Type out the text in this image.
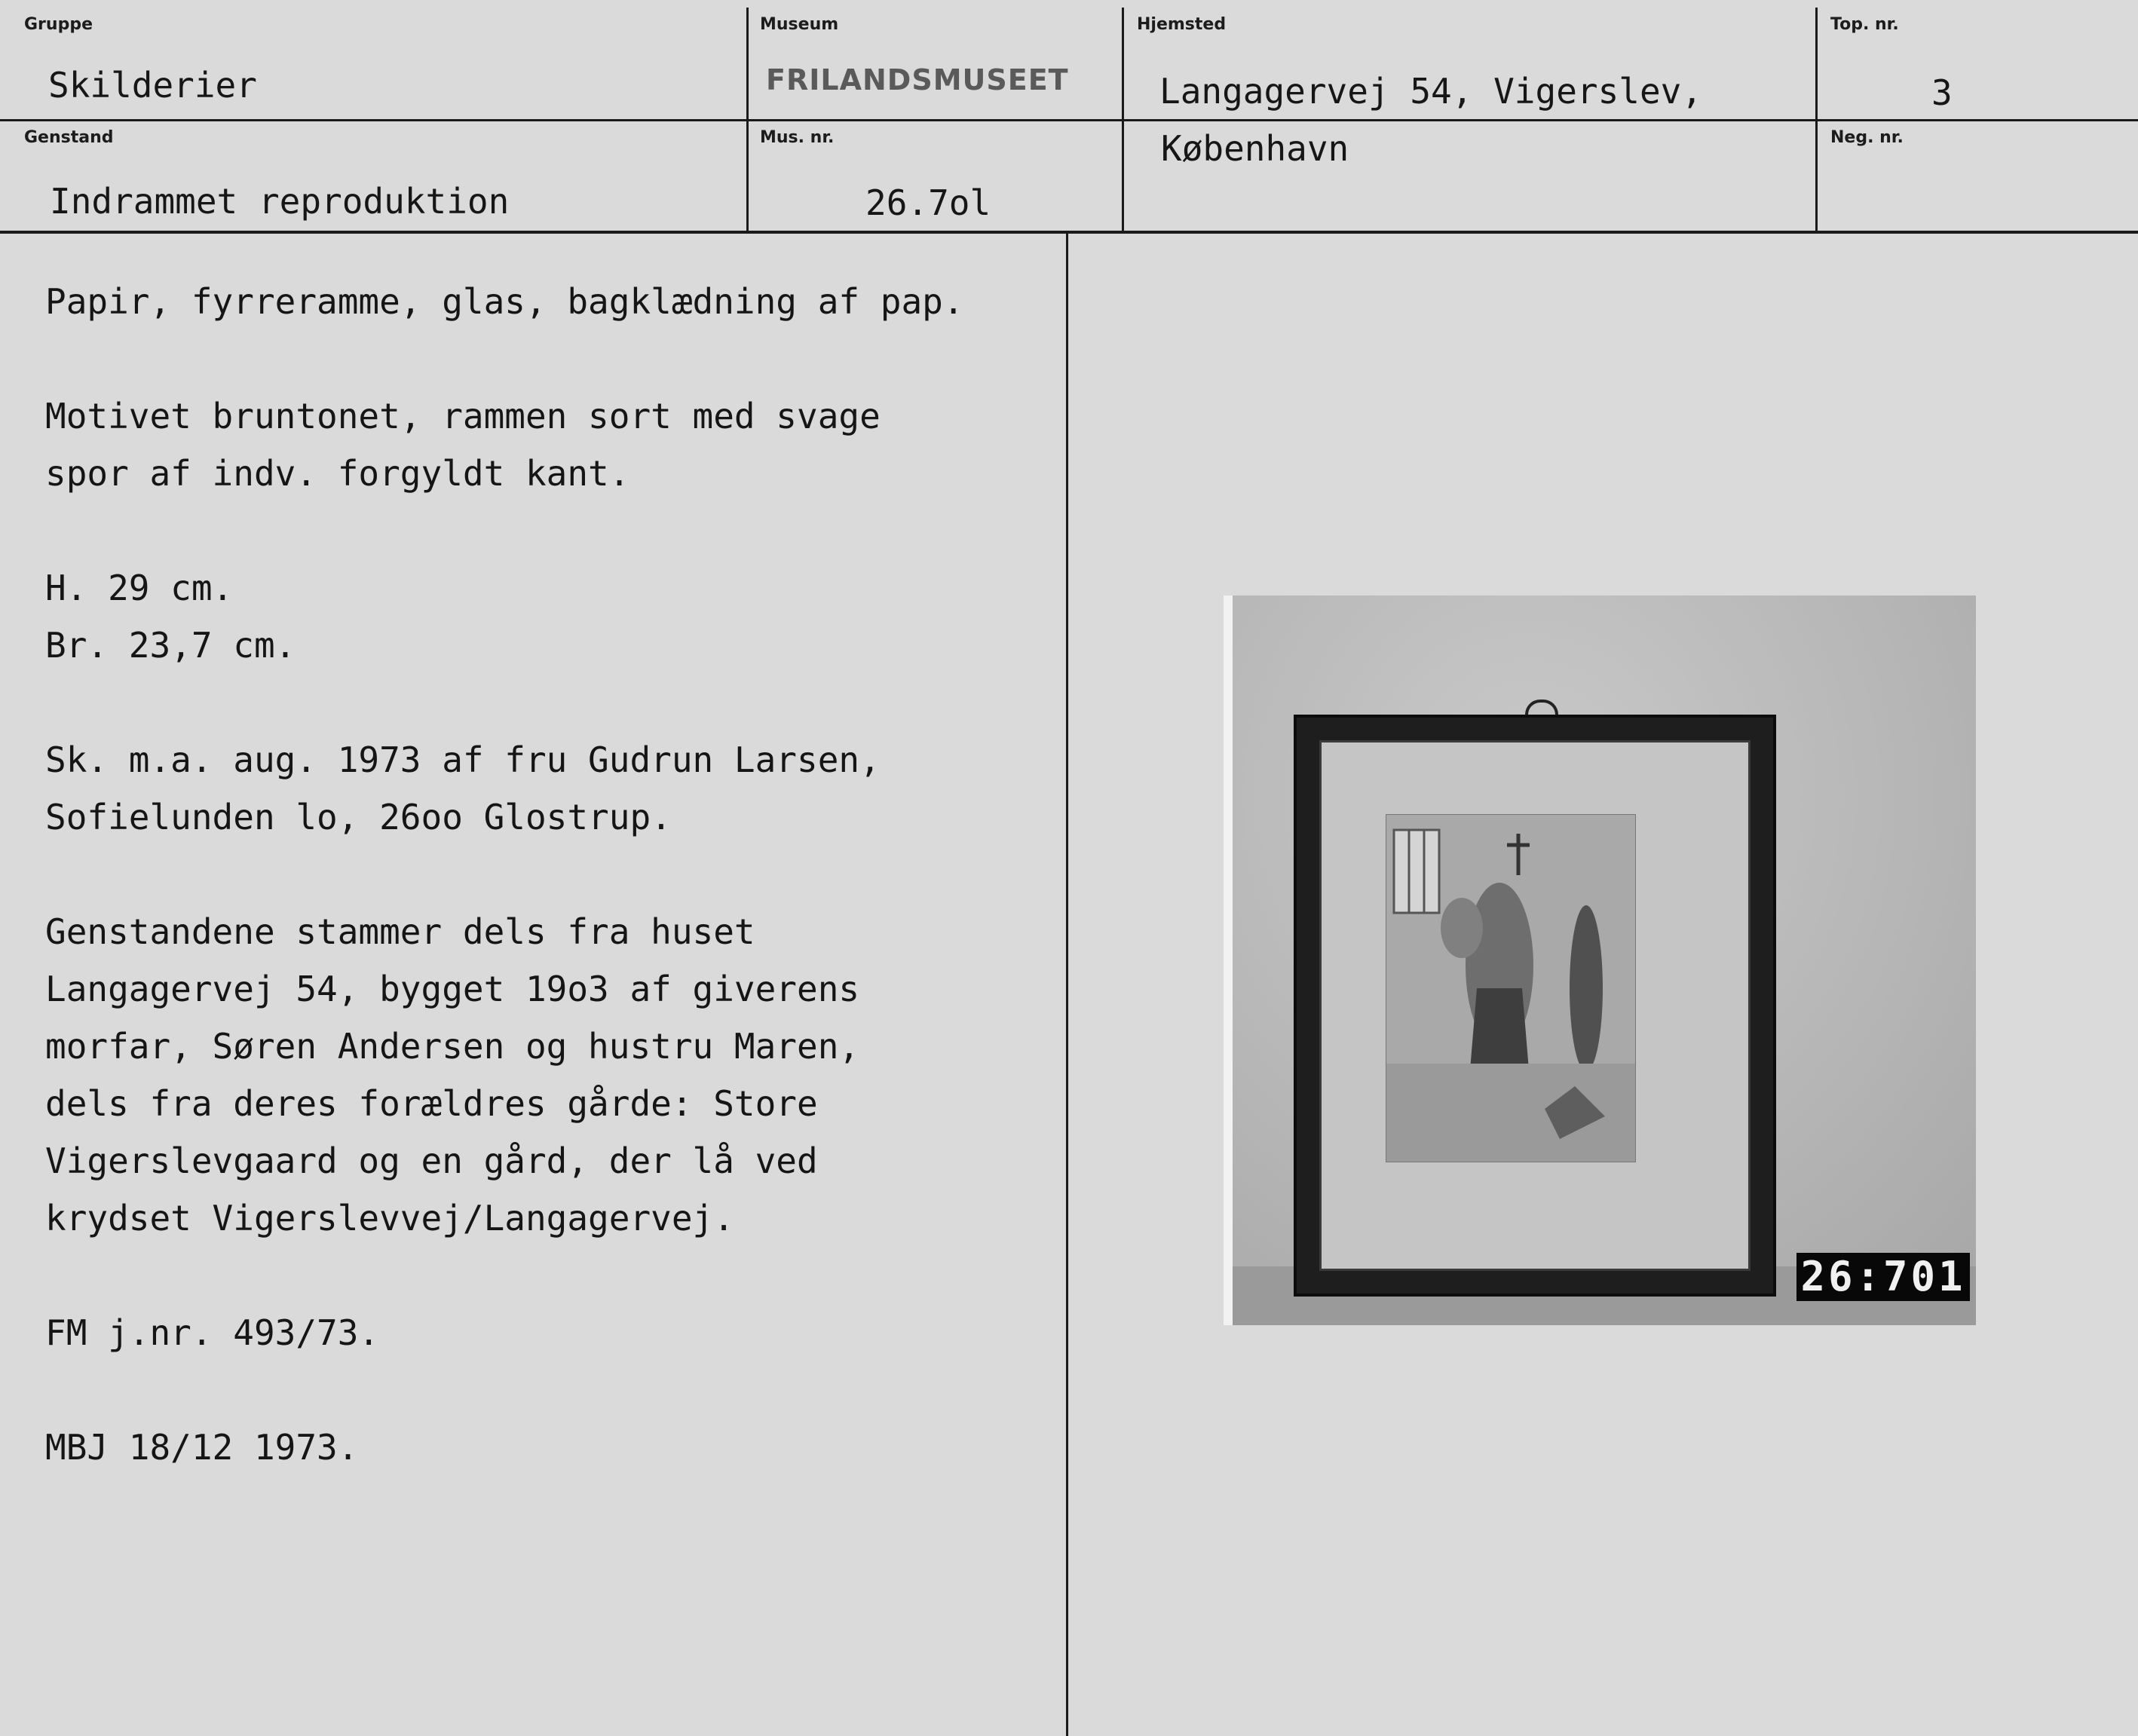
Gruppe
Skilderier
Museum
FRILANDSMUSEET
Hjemsted
Langagervej 54, Vigerslev,
København
Top. nr.
3
Genstand
Indrammet reproduktion
Mus. nr.
26.7ol
Neg. nr.
Papir, fyrreramme, glas, bagklædning af pap.
Motivet bruntonet, rammen sort med svage
spor af indv. forgyldt kant.
H. 29 cm.
Br. 23,7 cm.
Sk. m.a. aug. 1973 af fru Gudrun Larsen,
Sofielunden lo, 26oo Glostrup.
Genstandene stammer dels fra huset
Langagervej 54, bygget 19o3 af giverens
morfar, Søren Andersen og hustru Maren,
dels fra deres forældres gårde: Store
Vigerslevgaard og en gård, der lå ved
krydset Vigerslevvej/Langagervej.
FM j.nr. 493/73.
MBJ 18/12 1973.
26:701
